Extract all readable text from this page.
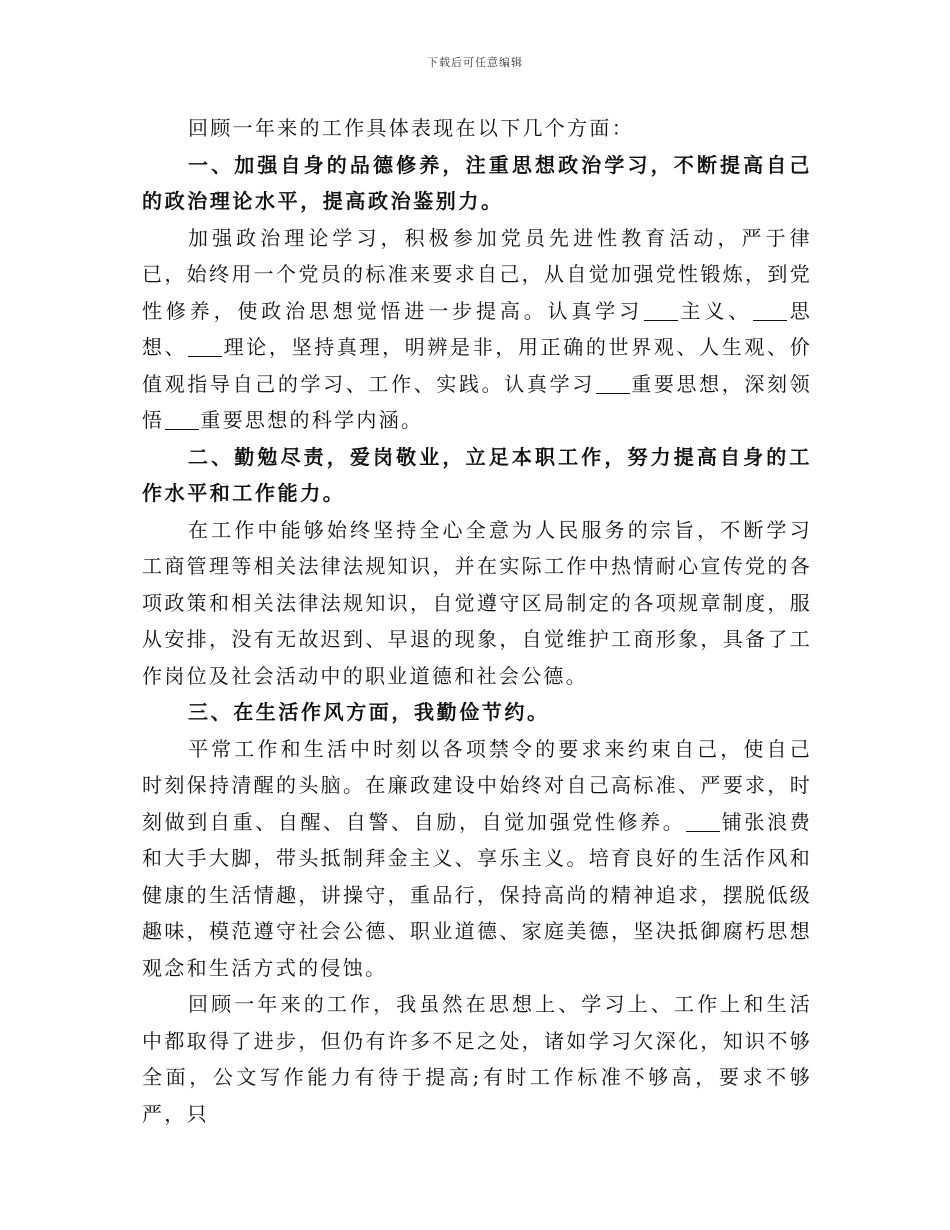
下载后可任意编辑

回顾一年来的工作具体表现在以下几个方面：

一、加强自身的品德修养，注重思想政治学习，不断提高自己的政治理论水平，提高政治鉴别力。

加强政治理论学习，积极参加党员先进性教育活动，严于律已，始终用一个党员的标准来要求自己，从自觉加强党性锻炼，到党性修养，使政治思想觉悟进一步提高。认真学习 主义、 思想、 理论，坚持真理，明辨是非，用正确的世界观、人生观、价值观指导自己的学习、工作、实践。认真学习 重要思想，深刻领悟 重要思想的科学内涵。

二、勤勉尽责，爱岗敬业，立足本职工作，努力提高自身的工作水平和工作能力。

在工作中能够始终坚持全心全意为人民服务的宗旨，不断学习工商管理等相关法律法规知识，并在实际工作中热情耐心宣传党的各项政策和相关法律法规知识，自觉遵守区局制定的各项规章制度，服从安排，没有无故迟到、早退的现象，自觉维护工商形象，具备了工作岗位及社会活动中的职业道德和社会公德。

三、在生活作风方面，我勤俭节约。

平常工作和生活中时刻以各项禁令的要求来约束自己，使自己时刻保持清醒的头脑。在廉政建设中始终对自己高标准、严要求，时刻做到自重、自醒、自警、自励，自觉加强党性修养。 铺张浪费和大手大脚，带头抵制拜金主义、享乐主义。培育良好的生活作风和健康的生活情趣，讲操守，重品行，保持高尚的精神追求，摆脱低级趣味，模范遵守社会公德、职业道德、家庭美德，坚决抵御腐朽思想观念和生活方式的侵蚀。

回顾一年来的工作，我虽然在思想上、学习上、工作上和生活中都取得了进步，但仍有许多不足之处，诸如学习欠深化，知识不够全面，公文写作能力有待于提高;有时工作标准不够高，要求不够严，只
